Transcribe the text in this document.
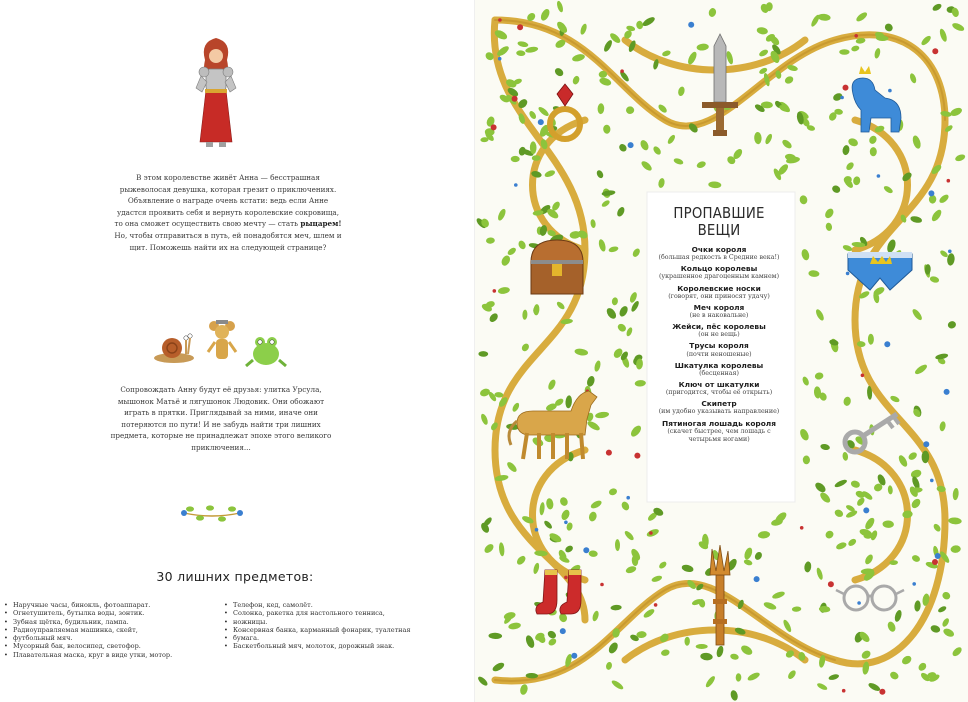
В этом королевстве живёт Анна — бесстрашная рыжеволосая девушка, которая грезит о приключениях. Объявление о награде очень кстати: ведь если Анне удастся проявить себя и вернуть королевские сокровища, то она сможет осуществить свою мечту — стать рыцарем! Но, чтобы отправиться в путь, ей понадобятся меч, шлем и щит. Поможешь найти их на следующей странице?
Сопровождать Анну будут её друзья: улитка Урсула, мышонок Матьё и лягушонок Людовик. Они обожают играть в прятки. Приглядывай за ними, иначе они потеряются по пути! И не забудь найти три лишних предмета, которые не принадлежат эпохе этого великого приключения...
30 лишних предметов:
• Наручные часы, бинокль, фотоаппарат.
• Огнетушитель, бутылка воды, зонтик.
• Зубная щётка, будильник, лампа.
• Радиоуправляемая машинка, скейт,
• футбольный мяч.
• Мусорный бак, велосипед, светофор.
• Плавательная маска, круг в виде утки, мотор.
• Телефон, кед, самолёт.
• Солонка, ракетка для настольного тенниса,
• ножницы.
• Консервная банка, карманный фонарик, туалетная
• бумага.
• Баскетбольный мяч, молоток, дорожный знак.
ПРОПАВШИЕ
ВЕЩИ
Очки короля
(большая редкость в Средние века!)
Кольцо королевы
(украшенное драгоценным камнем)
Королевские носки
(говорят, они приносят удачу)
Меч короля
(не в наковальне)
Жейси, пёс королевы
(он не вещь)
Трусы короля
(почти неношеные)
Шкатулка королевы
(бесценная)
Ключ от шкатулки
(пригодится, чтобы её открыть)
Скипетр
(им удобно указывать направление)
Пятиногая лошадь короля
(скачет быстрее, чем лошадь с четырьмя ногами)
